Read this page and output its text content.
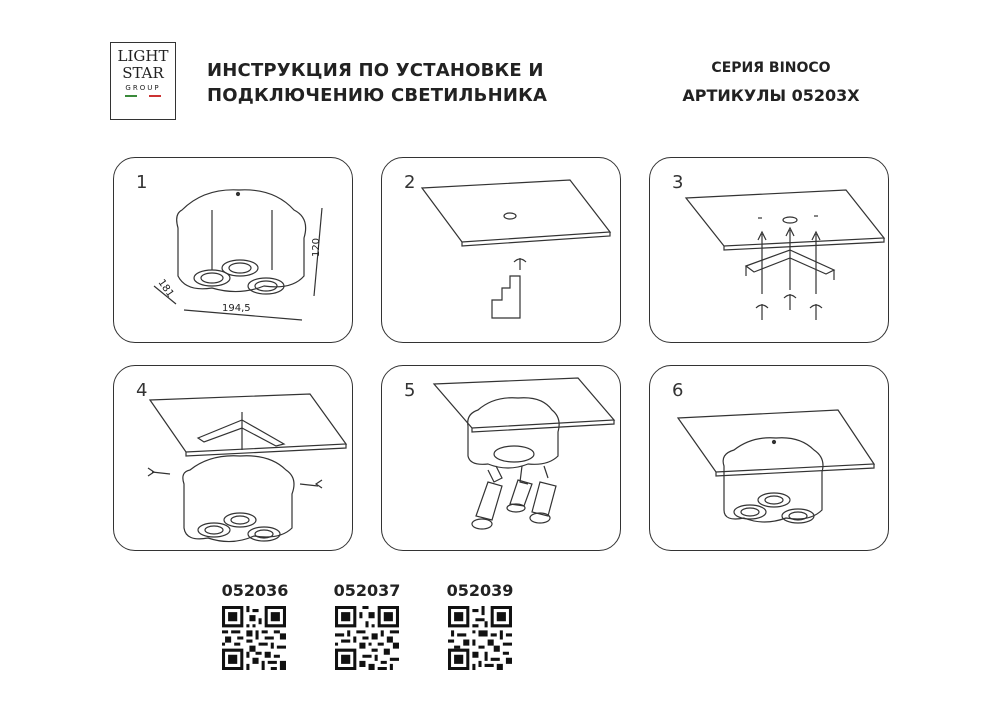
LIGHT
STAR
GROUP
ИНСТРУКЦИЯ ПО УСТАНОВКЕ И
ПОДКЛЮЧЕНИЮ СВЕТИЛЬНИКА
СЕРИЯ BINOCO
АРТИКУЛЫ 05203X
1
120
194,5
181
2	3
4	5	6
052036	052037	052039
